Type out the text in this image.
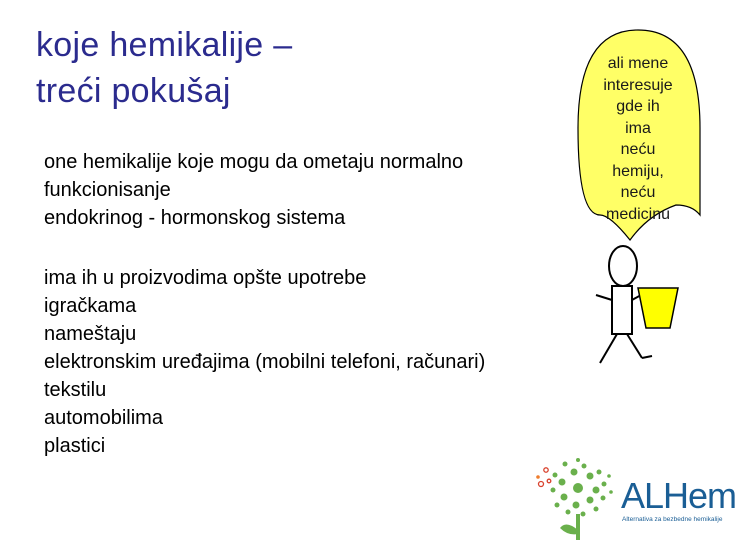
koje hemikalije –
treći pokušaj
ali mene
interesuje
gde ih
ima
neću
hemiju,
neću
medicinu
one hemikalije koje mogu da ometaju normalno
funkcionisanje
endokrinog - hormonskog sistema
ima ih u proizvodima opšte upotrebe
igračkama
nameštaju
elektronskim uređajima (mobilni telefoni, računari)
tekstilu
automobilima
plastici
ALHem
Alternativa za bezbedne hemikalije
